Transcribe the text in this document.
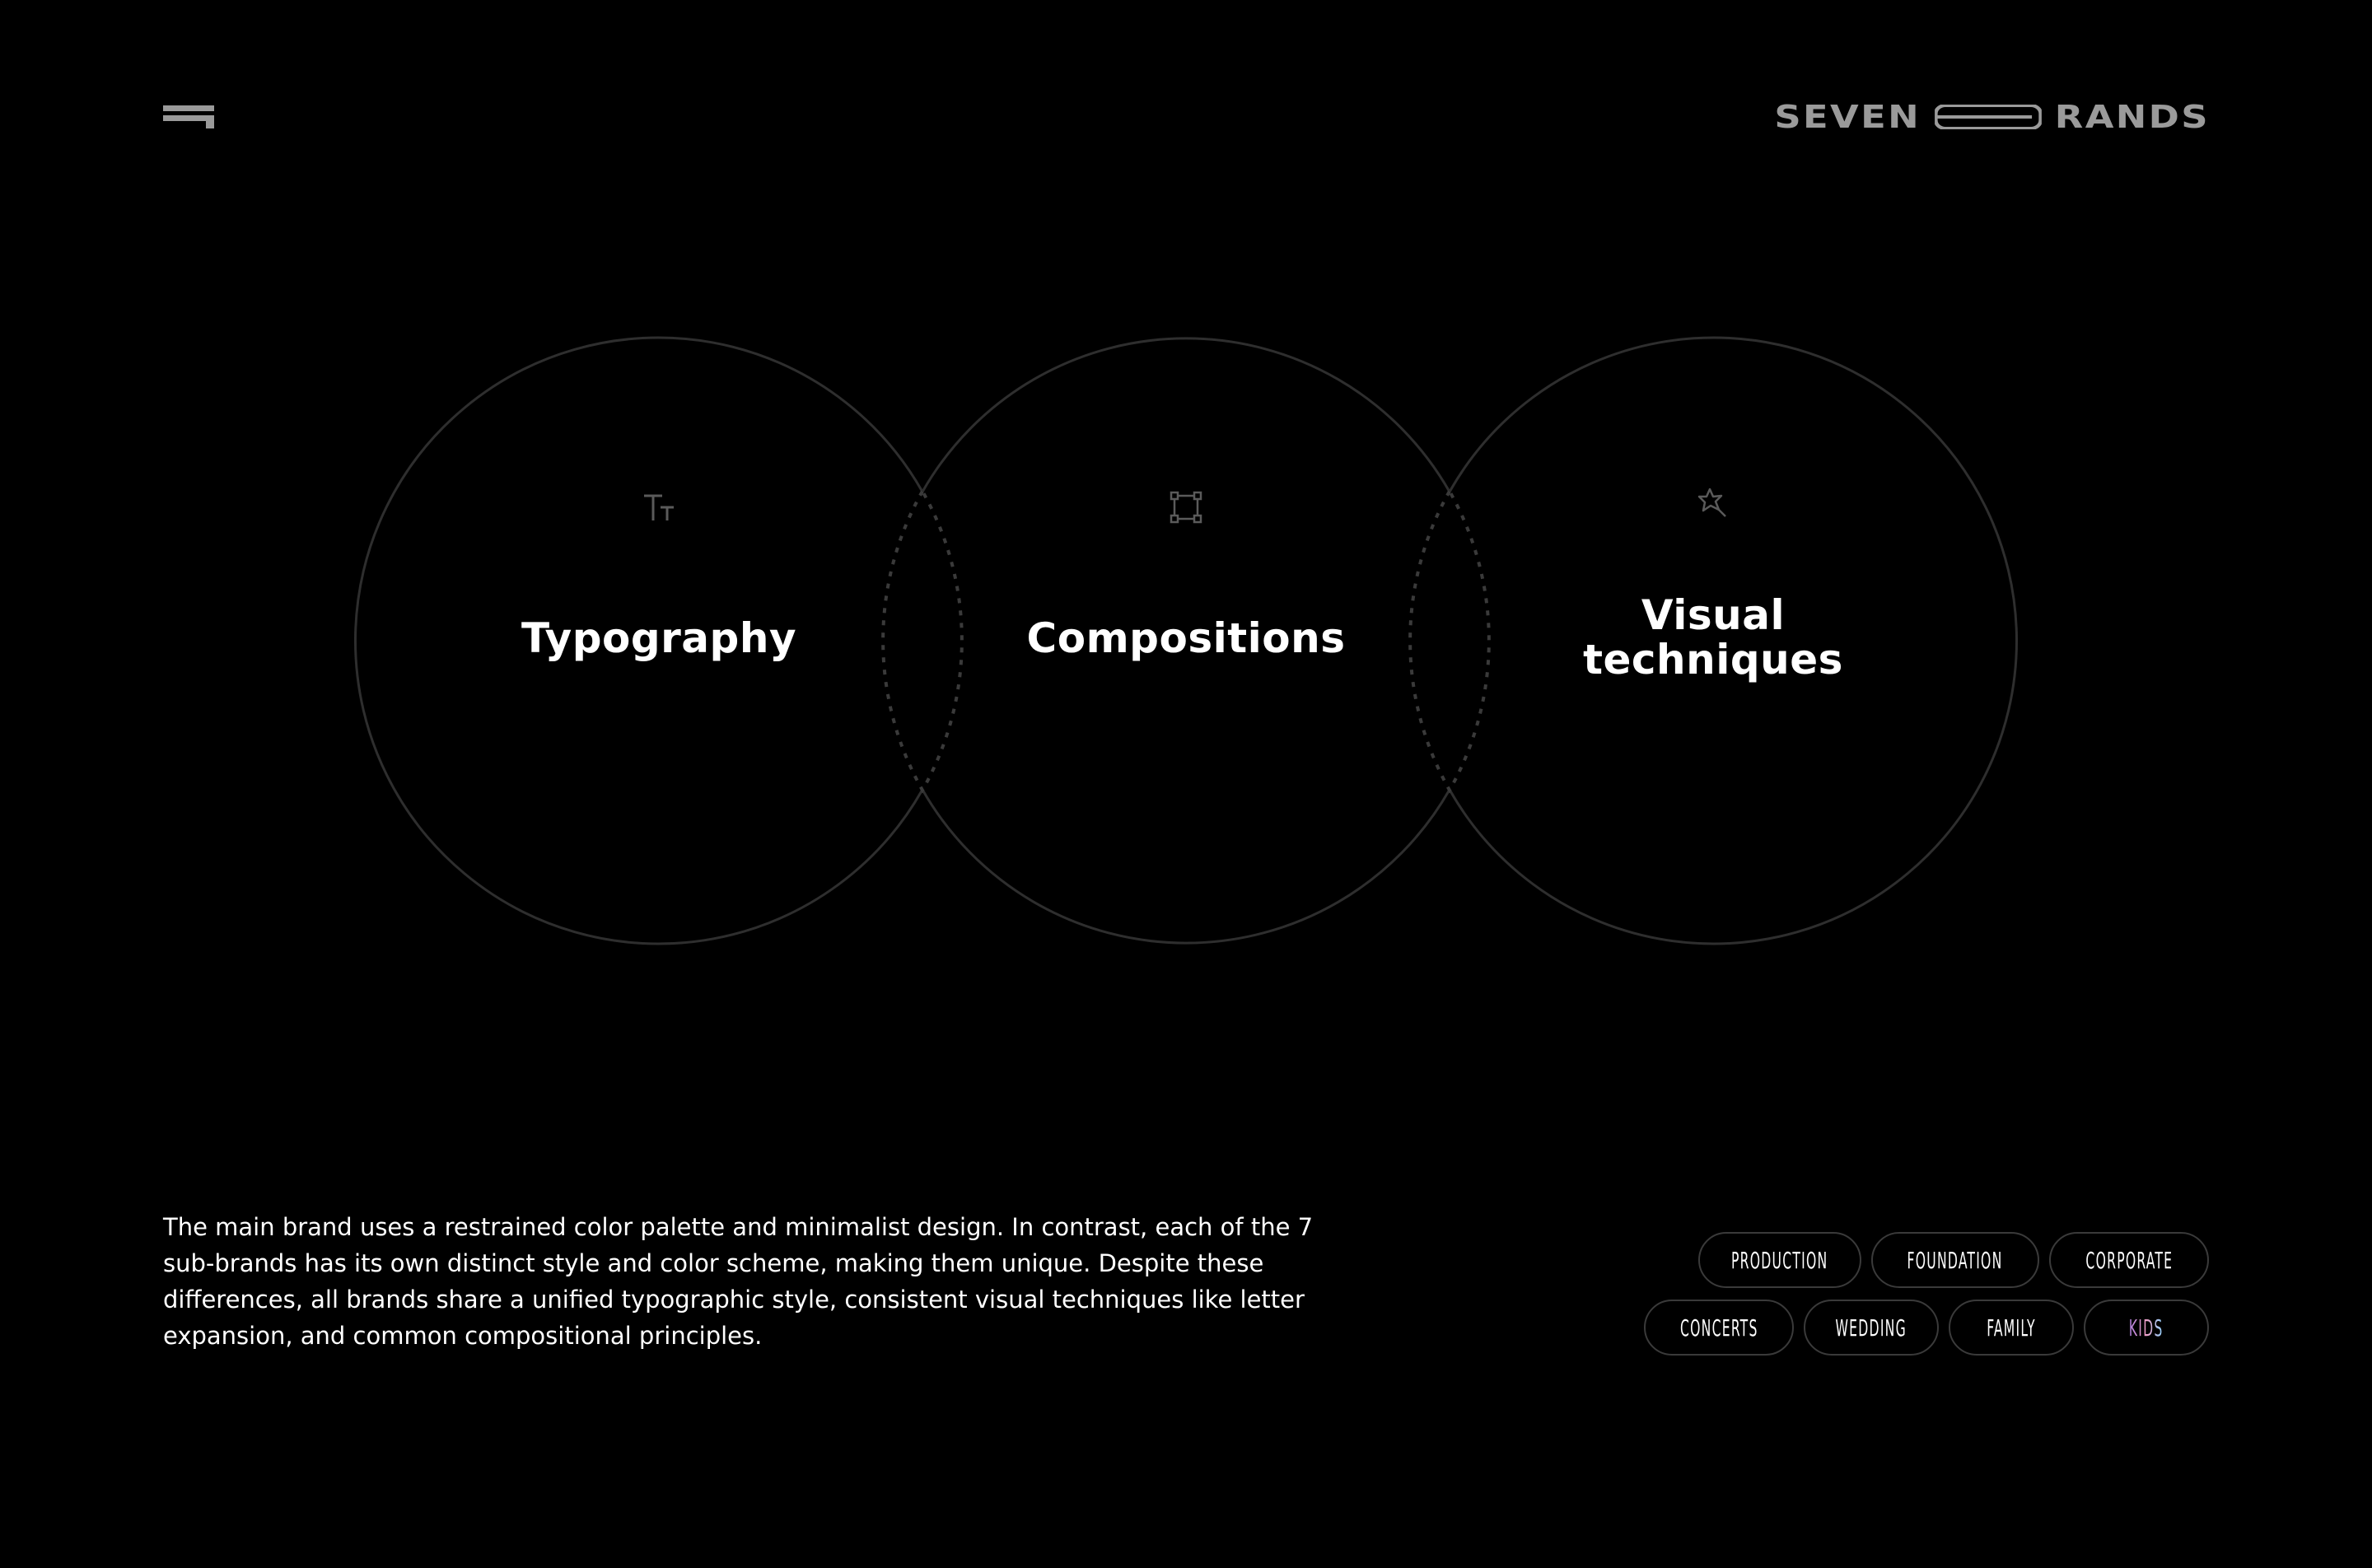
SEVEN	RANDS
Typography	Compositions	Visual
techniques

The main brand uses a restrained color palette and minimalist design. In contrast, each of the 7 sub-brands has its own distinct style and color scheme, making them unique. Despite these differences, all brands share a unified typographic style, consistent visual techniques like letter expansion, and common compositional principles.

PRODUCTION	FOUNDATION	CORPORATE
CONCERTS	WEDDING	FAMILY	KIDS
